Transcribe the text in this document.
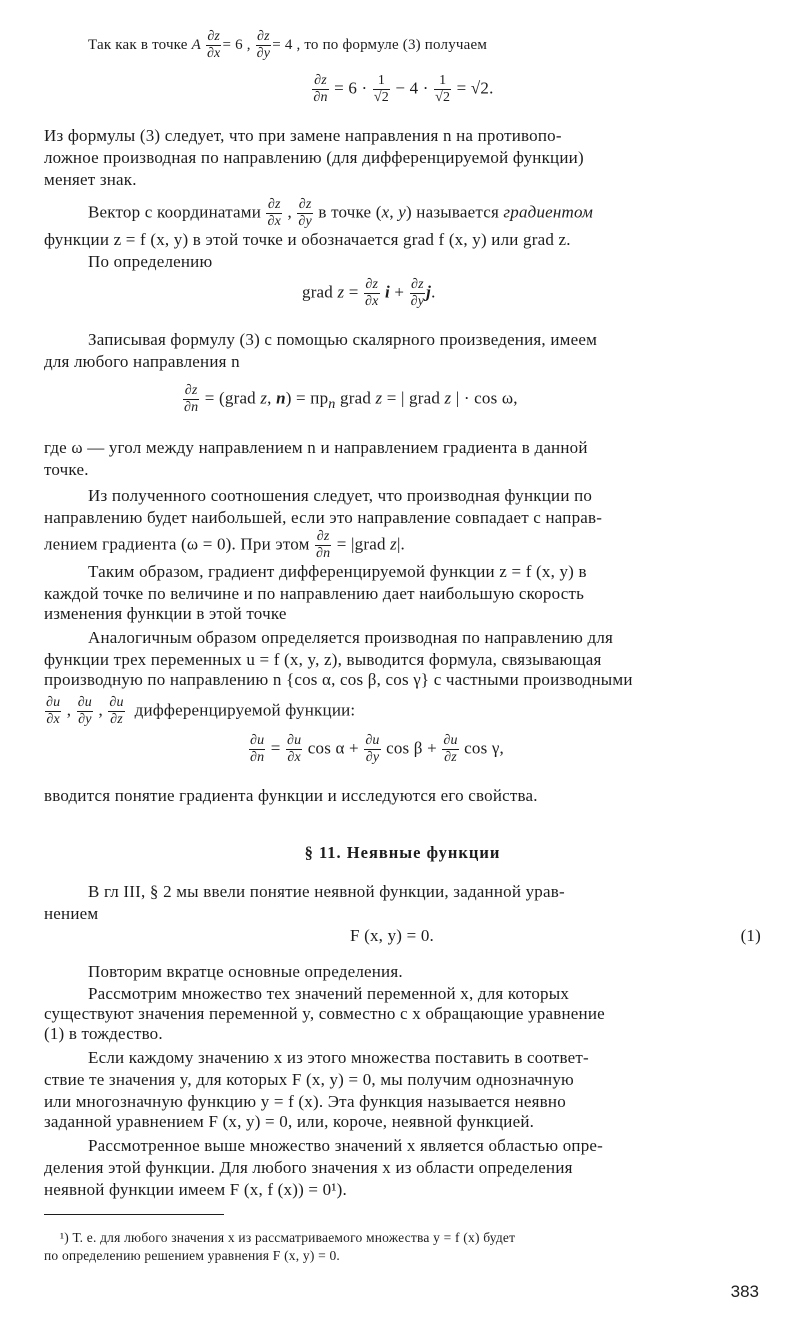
Так как в точке A $\frac{\partial z}{\partial x} = 6$ , $\frac{\partial z}{\partial y} = 4$ , то по формуле (3) получаем
$\frac{\partial z}{\partial n} = 6 \cdot \frac{1}{√2} - 4 \cdot \frac{1}{√2} = √2$.
Из формулы (3) следует, что при замене направления n на противопо-
ложное производная по направлению (для дифференцируемой функции)
меняет знак.
Вектор с координатами $\frac{\partial z}{\partial x}$ , $\frac{\partial z}{\partial y}$ в точке (x, y) называется градиентом
функции z = f (x, y) в этой точке и обозначается grad f (x, y) или grad z.
По определению
grad $z = \frac{\partial z}{\partial x}$ $i + \frac{\partial z}{\partial y} j$.
Записывая формулу (3) с помощью скалярного произведения, имеем
для любого направления n
$\frac{\partial z}{\partial n}$ = (grad z, $n) = пр_n$ grad z = | grad z | · cos ω,
где ω — угол между направлением n и направлением градиента в данной
точке.
Из полученного соотношения следует, что производная функции по
направлению будет наибольшей, если это направление совпадает с направ-
лением градиента (ω = 0). При этом $\frac{\partial z}{\partial n}$ = |grad z|.
Таким образом, градиент дифференцируемой функции z = f (x, y) в
каждой точке по величине и по направлению дает наибольшую скорость
изменения функции в этой точке
Аналогичным образом определяется производная по направлению для
функции трех переменных u = f (x, y, z), выводится формула, связывающая
производную по направлению n {cos α, cos β, cos γ} с частными производными
$\frac{\partial u}{\partial x}$ , $\frac{\partial u}{\partial y}$ , $\frac{\partial u}{\partial z}$ дифференцируемой функции:
$\frac{\partial u}{\partial n} = \frac{\partial u}{\partial x}$ $\cos \alpha + \frac{\partial u}{\partial y}$ $\cos \beta + \frac{\partial u}{\partial z}$ cos γ,
вводится понятие градиента функции и исследуются его свойства.
§ 11. Неявные функции
В гл III, § 2 мы ввели понятие неявной функции, заданной урав-
нением
F (x, y) = 0.	(1)
Повторим вкратце основные определения.
Рассмотрим множество тех значений переменной x, для которых
существуют значения переменной y, совместно с x обращающие уравнение
(1) в тождество.
Если каждому значению x из этого множества поставить в соответ-
ствие те значения y, для которых F (x, y) = 0, мы получим однозначную
или многозначную функцию y = f (x). Эта функция называется неявно
заданной уравнением F (x, y) = 0, или, короче, неявной функцией.
Рассмотренное выше множество значений x является областью опре-
деления этой функции. Для любого значения x из области определения
неявной функции имеем F (x, f (x)) = 0¹).
¹) Т. е. для любого значения x из рассматриваемого множества y = f (x) будет
по определению решением уравнения F (x, y) = 0.
383
